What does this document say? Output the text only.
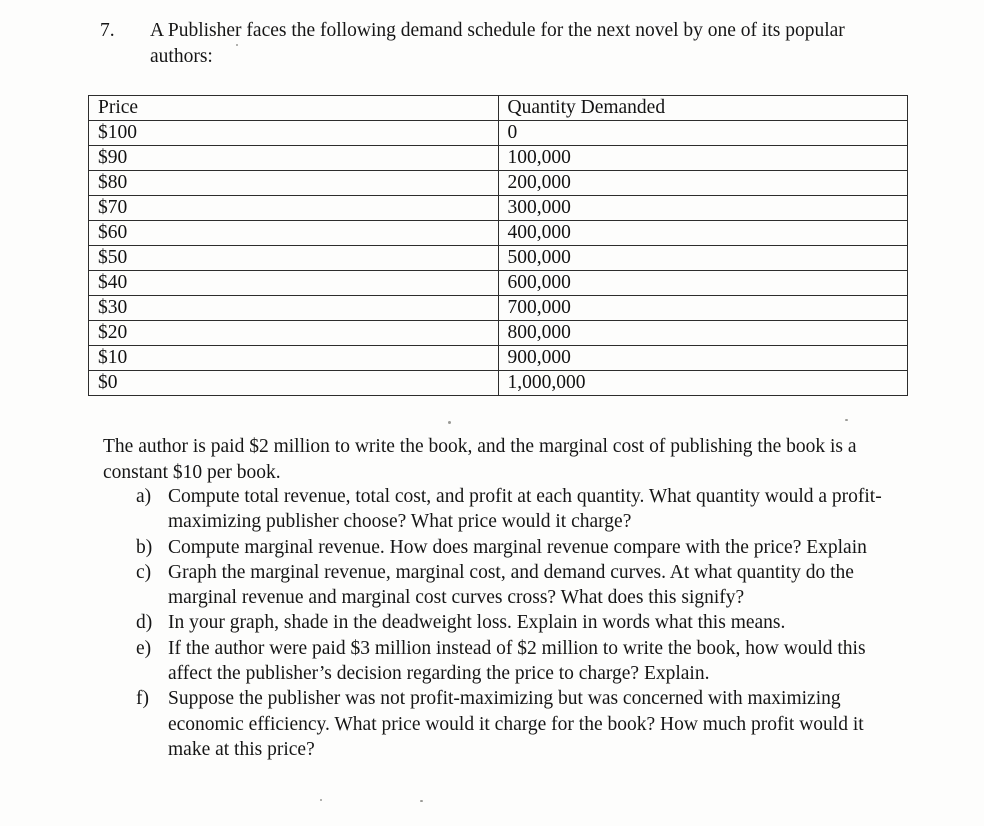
7.	A Publisher faces the following demand schedule for the next novel by one of its popular authors:
Price	Quantity Demanded
$100	0
$90	100,000
$80	200,000
$70	300,000
$60	400,000
$50	500,000
$40	600,000
$30	700,000
$20	800,000
$10	900,000
$0	1,000,000

The author is paid $2 million to write the book, and the marginal cost of publishing the book is a constant $10 per book.

a) Compute total revenue, total cost, and profit at each quantity. What quantity would a profit-maximizing publisher choose? What price would it charge?
b) Compute marginal revenue. How does marginal revenue compare with the price? Explain
c) Graph the marginal revenue, marginal cost, and demand curves. At what quantity do the marginal revenue and marginal cost curves cross? What does this signify?
d) In your graph, shade in the deadweight loss. Explain in words what this means.
e) If the author were paid $3 million instead of $2 million to write the book, how would this affect the publisher’s decision regarding the price to charge? Explain.
f) Suppose the publisher was not profit-maximizing but was concerned with maximizing economic efficiency. What price would it charge for the book? How much profit would it make at this price?
